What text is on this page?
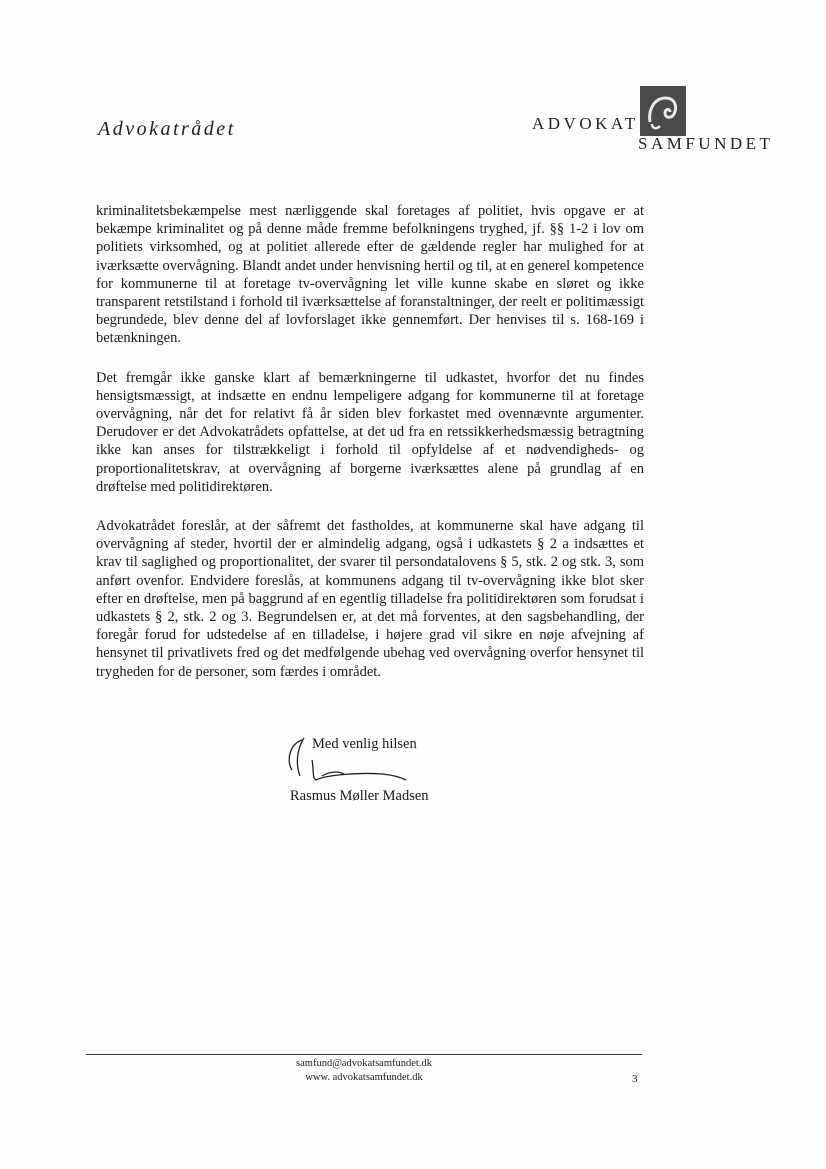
Advokatrådet	ADVOKAT
SAMFUNDET

kriminalitetsbekæmpelse mest nærliggende skal foretages af politiet, hvis opgave er at bekæmpe kriminalitet og på denne måde fremme befolkningens tryghed, jf. §§ 1-2 i lov om politiets virksomhed, og at politiet allerede efter de gældende regler har mulighed for at iværksætte overvågning. Blandt andet under henvisning hertil og til, at en generel kompetence for kommunerne til at foretage tv-overvågning let ville kunne skabe en sløret og ikke transparent retstilstand i forhold til iværksættelse af foranstaltninger, der reelt er politimæssigt begrundede, blev denne del af lovforslaget ikke gennemført. Der henvises til s. 168-169 i betænkningen.

Det fremgår ikke ganske klart af bemærkningerne til udkastet, hvorfor det nu findes hensigtsmæssigt, at indsætte en endnu lempeligere adgang for kommunerne til at foretage overvågning, når det for relativt få år siden blev forkastet med ovennævnte argumenter. Derudover er det Advokatrådets opfattelse, at det ud fra en retssikkerhedsmæssig betragtning ikke kan anses for tilstrækkeligt i forhold til opfyldelse af et nødvendigheds- og proportionalitetskrav, at overvågning af borgerne iværksættes alene på grundlag af en drøftelse med politidirektøren.

Advokatrådet foreslår, at der såfremt det fastholdes, at kommunerne skal have adgang til overvågning af steder, hvortil der er almindelig adgang, også i udkastets § 2 a indsættes et krav til saglighed og proportionalitet, der svarer til persondatalovens § 5, stk. 2 og stk. 3, som anført ovenfor. Endvidere foreslås, at kommunens adgang til tv-overvågning ikke blot sker efter en drøftelse, men på baggrund af en egentlig tilladelse fra politidirektøren som forudsat i udkastets § 2, stk. 2 og 3. Begrundelsen er, at det må forventes, at den sagsbehandling, der foregår forud for udstedelse af en tilladelse, i højere grad vil sikre en nøje afvejning af hensynet til privatlivets fred og det medfølgende ubehag ved overvågning overfor hensynet til trygheden for de personer, som færdes i området.

Med venlig hilsen
Rasmus Møller Madsen
samfund@advokatsamfundet.dk
www. advokatsamfundet.dk	3
